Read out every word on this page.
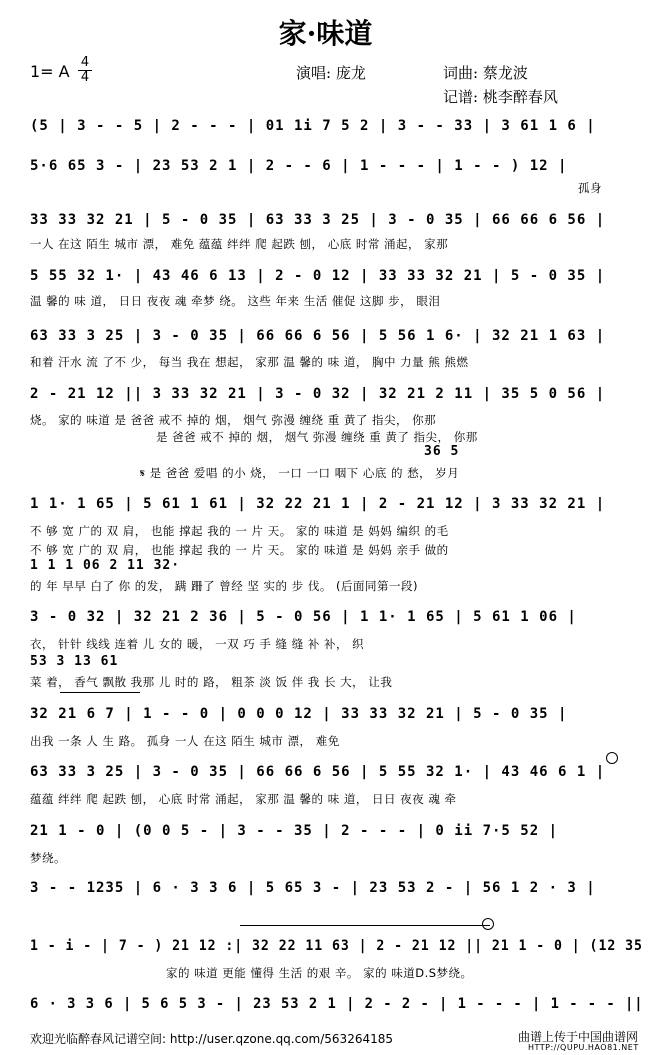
家·味道
1= A 4
4	演唱: 庞龙	词曲: 蔡龙波
记谱: 桃李醉春风
(5 | 3 - - 5 | 2 - - - | 01 1i 7 5 2 | 3 - - 33 | 3 61 1 6 |
5·6 65 3 - | 23 53 2 1 | 2 - - 6 | 1 - - - | 1 - - ) 12 |
孤身
33 33 32 21 | 5 - 0 35 | 63 33 3 25 | 3 - 0 35 | 66 66 6 56 |
一人 在这 陌生 城市 漂， 难免 蕴蕴 绊绊 爬 起跌 刨， 心底 时常 涌起， 家那
5 55 32 1· | 43 46 6 13 | 2 - 0 12 | 33 33 32 21 | 5 - 0 35 |
温 馨的 味 道， 日日 夜夜 魂 牵梦 绕。 这些 年来 生活 催促 这脚 步， 眼泪
63 33 3 25 | 3 - 0 35 | 66 66 6 56 | 5 56 1 6· | 32 21 1 63 |
和着 汗水 流 了不 少， 每当 我在 想起， 家那 温 馨的 味 道， 胸中 力量 熊 熊燃
2 - 21 12 || 3 33 32 21 | 3 - 0 32 | 32 21 2 11 | 35 5 0 56 |
烧。 家的 味道 是 爸爸 戒不 掉的 烟， 烟气 弥漫 缠绕 重 黄了 指尖， 你那
是 爸爸 戒不 掉的 烟， 烟气 弥漫 缠绕 重 黄了 指尖， 你那
36 5
𝄋 是 爸爸 爱唱 的小 烧， 一口 一口 咽下 心底 的 愁， 岁月
1 1· 1 65 | 5 61 1 61 | 32 22 21 1 | 2 - 21 12 | 3 33 32 21 |
不 够 宽 广的 双 肩， 也能 撑起 我的 一 片 天。 家的 味道 是 妈妈 编织 的毛
不 够 宽 广的 双 肩， 也能 撑起 我的 一 片 天。 家的 味道 是 妈妈 亲手 做的
1 1 1 06 2 11 32·
的 年 早早 白了 你 的发， 蹒 跚了 曾经 坚 实的 步 伐。 (后面同第一段)
3 - 0 32 | 32 21 2 36 | 5 - 0 56 | 1 1· 1 65 | 5 61 1 06 |
衣， 针针 线线 连着 儿 女的 暖， 一双 巧 手 缝 缝 补 补， 织
53 3 13 61
菜 着， 香气 飘散 我那 儿 时的 路， 粗茶 淡 饭 伴 我 长 大， 让我
32 21 6 7 | 1 - - 0 | 0 0 0 12 | 33 33 32 21 | 5 - 0 35 |
出我 一条 人 生 路。 孤身 一人 在这 陌生 城市 漂， 难免
63 33 3 25 | 3 - 0 35 | 66 66 6 56 | 5 55 32 1· | 43 46 6 1 |
蕴蕴 绊绊 爬 起跌 刨， 心底 时常 涌起， 家那 温 馨的 味 道， 日日 夜夜 魂 牵
21 1 - 0 | (0 0 5 - | 3 - - 35 | 2 - - - | 0 ii 7·5 52 |
梦绕。
3 - - 1235 | 6 · 3 3 6 | 5 65 3 - | 23 53 2 - | 56 1 2 · 3 |
1 - i - | 7 - ) 21 12 :| 32 22 11 63 | 2 - 21 12 || 21 1 - 0 | (12 35
家的 味道 更能 懂得 生活 的艰 辛。 家的 味道D.S梦绕。
6 · 3 3 6 | 5 6 5 3 - | 23 53 2 1 | 2 - 2 - | 1 - - - | 1 - - - ||
欢迎光临醉春风记谱空间: http://user.qzone.qq.com/563264185	曲谱上传于中国曲谱网
HTTP://QUPU.HAO81.NET
